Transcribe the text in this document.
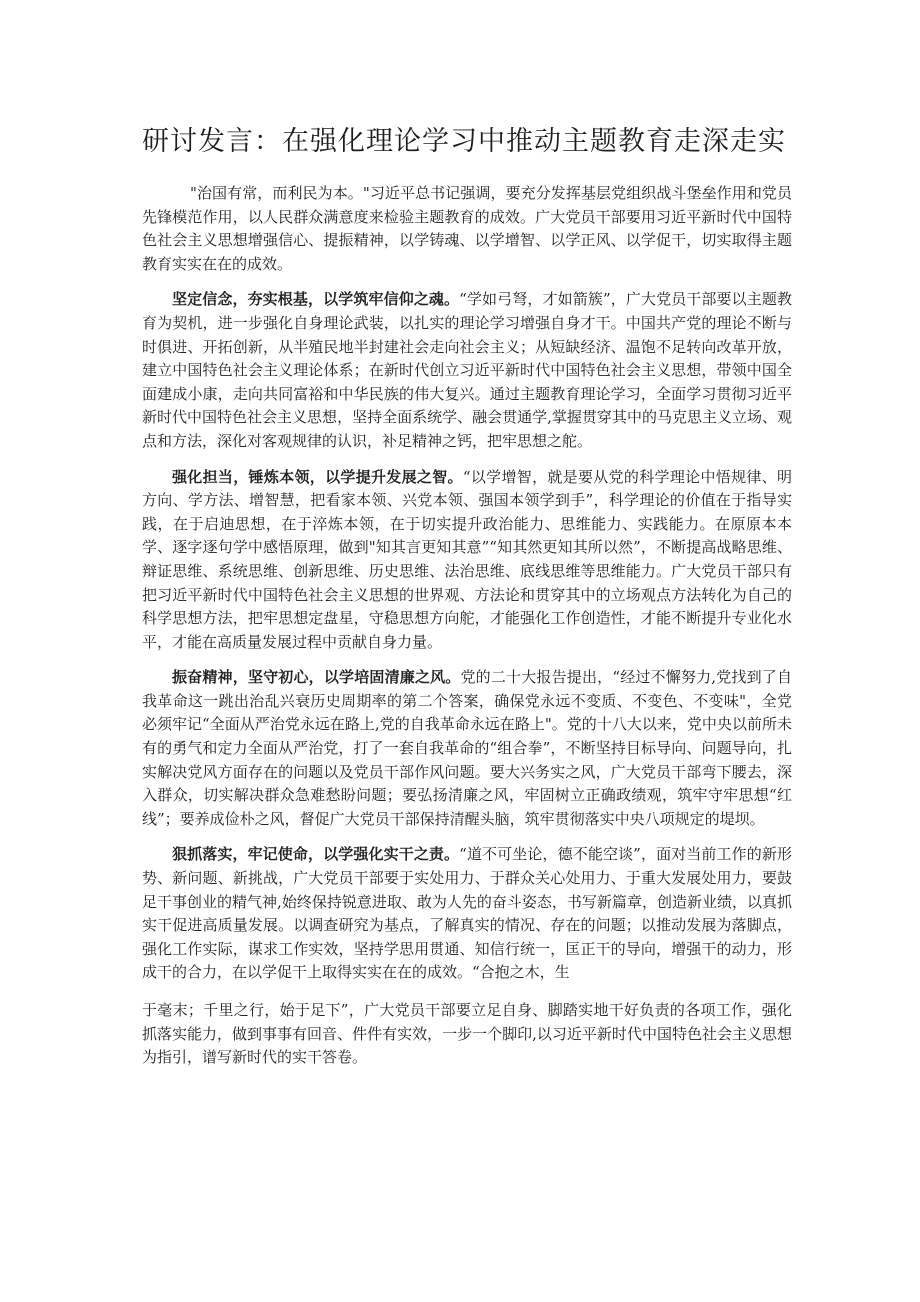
研讨发言：在强化理论学习中推动主题教育走深走实

"治国有常，而利民为本。"习近平总书记强调，要充分发挥基层党组织战斗堡垒作用和党员先锋模范作用，以人民群众满意度来检验主题教育的成效。广大党员干部要用习近平新时代中国特色社会主义思想增强信心、提振精神，以学铸魂、以学增智、以学正风、以学促干，切实取得主题教育实实在在的成效。

坚定信念，夯实根基，以学筑牢信仰之魂。“学如弓弩，才如箭簇”，广大党员干部要以主题教育为契机，进一步强化自身理论武装，以扎实的理论学习增强自身才干。中国共产党的理论不断与时俱进、开拓创新，从半殖民地半封建社会走向社会主义；从短缺经济、温饱不足转向改革开放，建立中国特色社会主义理论体系；在新时代创立习近平新时代中国特色社会主义思想，带领中国全面建成小康，走向共同富裕和中华民族的伟大复兴。通过主题教育理论学习，全面学习贯彻习近平新时代中国特色社会主义思想，坚持全面系统学、融会贯通学,掌握贯穿其中的马克思主义立场、观点和方法，深化对客观规律的认识，补足精神之钙，把牢思想之舵。

强化担当，锤炼本领，以学提升发展之智。“以学增智，就是要从党的科学理论中悟规律、明方向、学方法、增智慧，把看家本领、兴党本领、强国本领学到手”，科学理论的价值在于指导实践，在于启迪思想，在于淬炼本领，在于切实提升政治能力、思维能力、实践能力。在原原本本学、逐字逐句学中感悟原理，做到"知其言更知其意”“知其然更知其所以然”，不断提高战略思维、辩证思维、系统思维、创新思维、历史思维、法治思维、底线思维等思维能力。广大党员干部只有把习近平新时代中国特色社会主义思想的世界观、方法论和贯穿其中的立场观点方法转化为自己的科学思想方法，把牢思想定盘星，守稳思想方向舵，才能强化工作创造性，才能不断提升专业化水平，才能在高质量发展过程中贡献自身力量。

振奋精神，坚守初心，以学培固清廉之风。党的二十大报告提出，“经过不懈努力,党找到了自我革命这一跳出治乱兴衰历史周期率的第二个答案，确保党永远不变质、不变色、不变味"，全党必须牢记“全面从严治党永远在路上,党的自我革命永远在路上"。党的十八大以来，党中央以前所未有的勇气和定力全面从严治党，打了一套自我革命的“组合拳”，不断坚持目标导向、问题导向，扎实解决党风方面存在的问题以及党员干部作风问题。要大兴务实之风，广大党员干部弯下腰去，深入群众，切实解决群众急难愁盼问题；要弘扬清廉之风，牢固树立正确政绩观，筑牢守牢思想“红线”；要养成俭朴之风，督促广大党员干部保持清醒头脑，筑牢贯彻落实中央八项规定的堤坝。

狠抓落实，牢记使命，以学强化实干之责。“道不可坐论，德不能空谈”，面对当前工作的新形势、新问题、新挑战，广大党员干部要于实处用力、于群众关心处用力、于重大发展处用力，要鼓足干事创业的精气神,始终保持锐意进取、敢为人先的奋斗姿态，书写新篇章，创造新业绩，以真抓实干促进高质量发展。以调查研究为基点，了解真实的情况、存在的问题；以推动发展为落脚点，强化工作实际，谋求工作实效，坚持学思用贯通、知信行统一，匡正干的导向，增强干的动力，形成干的合力，在以学促干上取得实实在在的成效。“合抱之木，生

于毫末；千里之行，始于足下”，广大党员干部要立足自身、脚踏实地干好负责的各项工作，强化抓落实能力，做到事事有回音、件件有实效，一步一个脚印,以习近平新时代中国特色社会主义思想为指引，谱写新时代的实干答卷。
